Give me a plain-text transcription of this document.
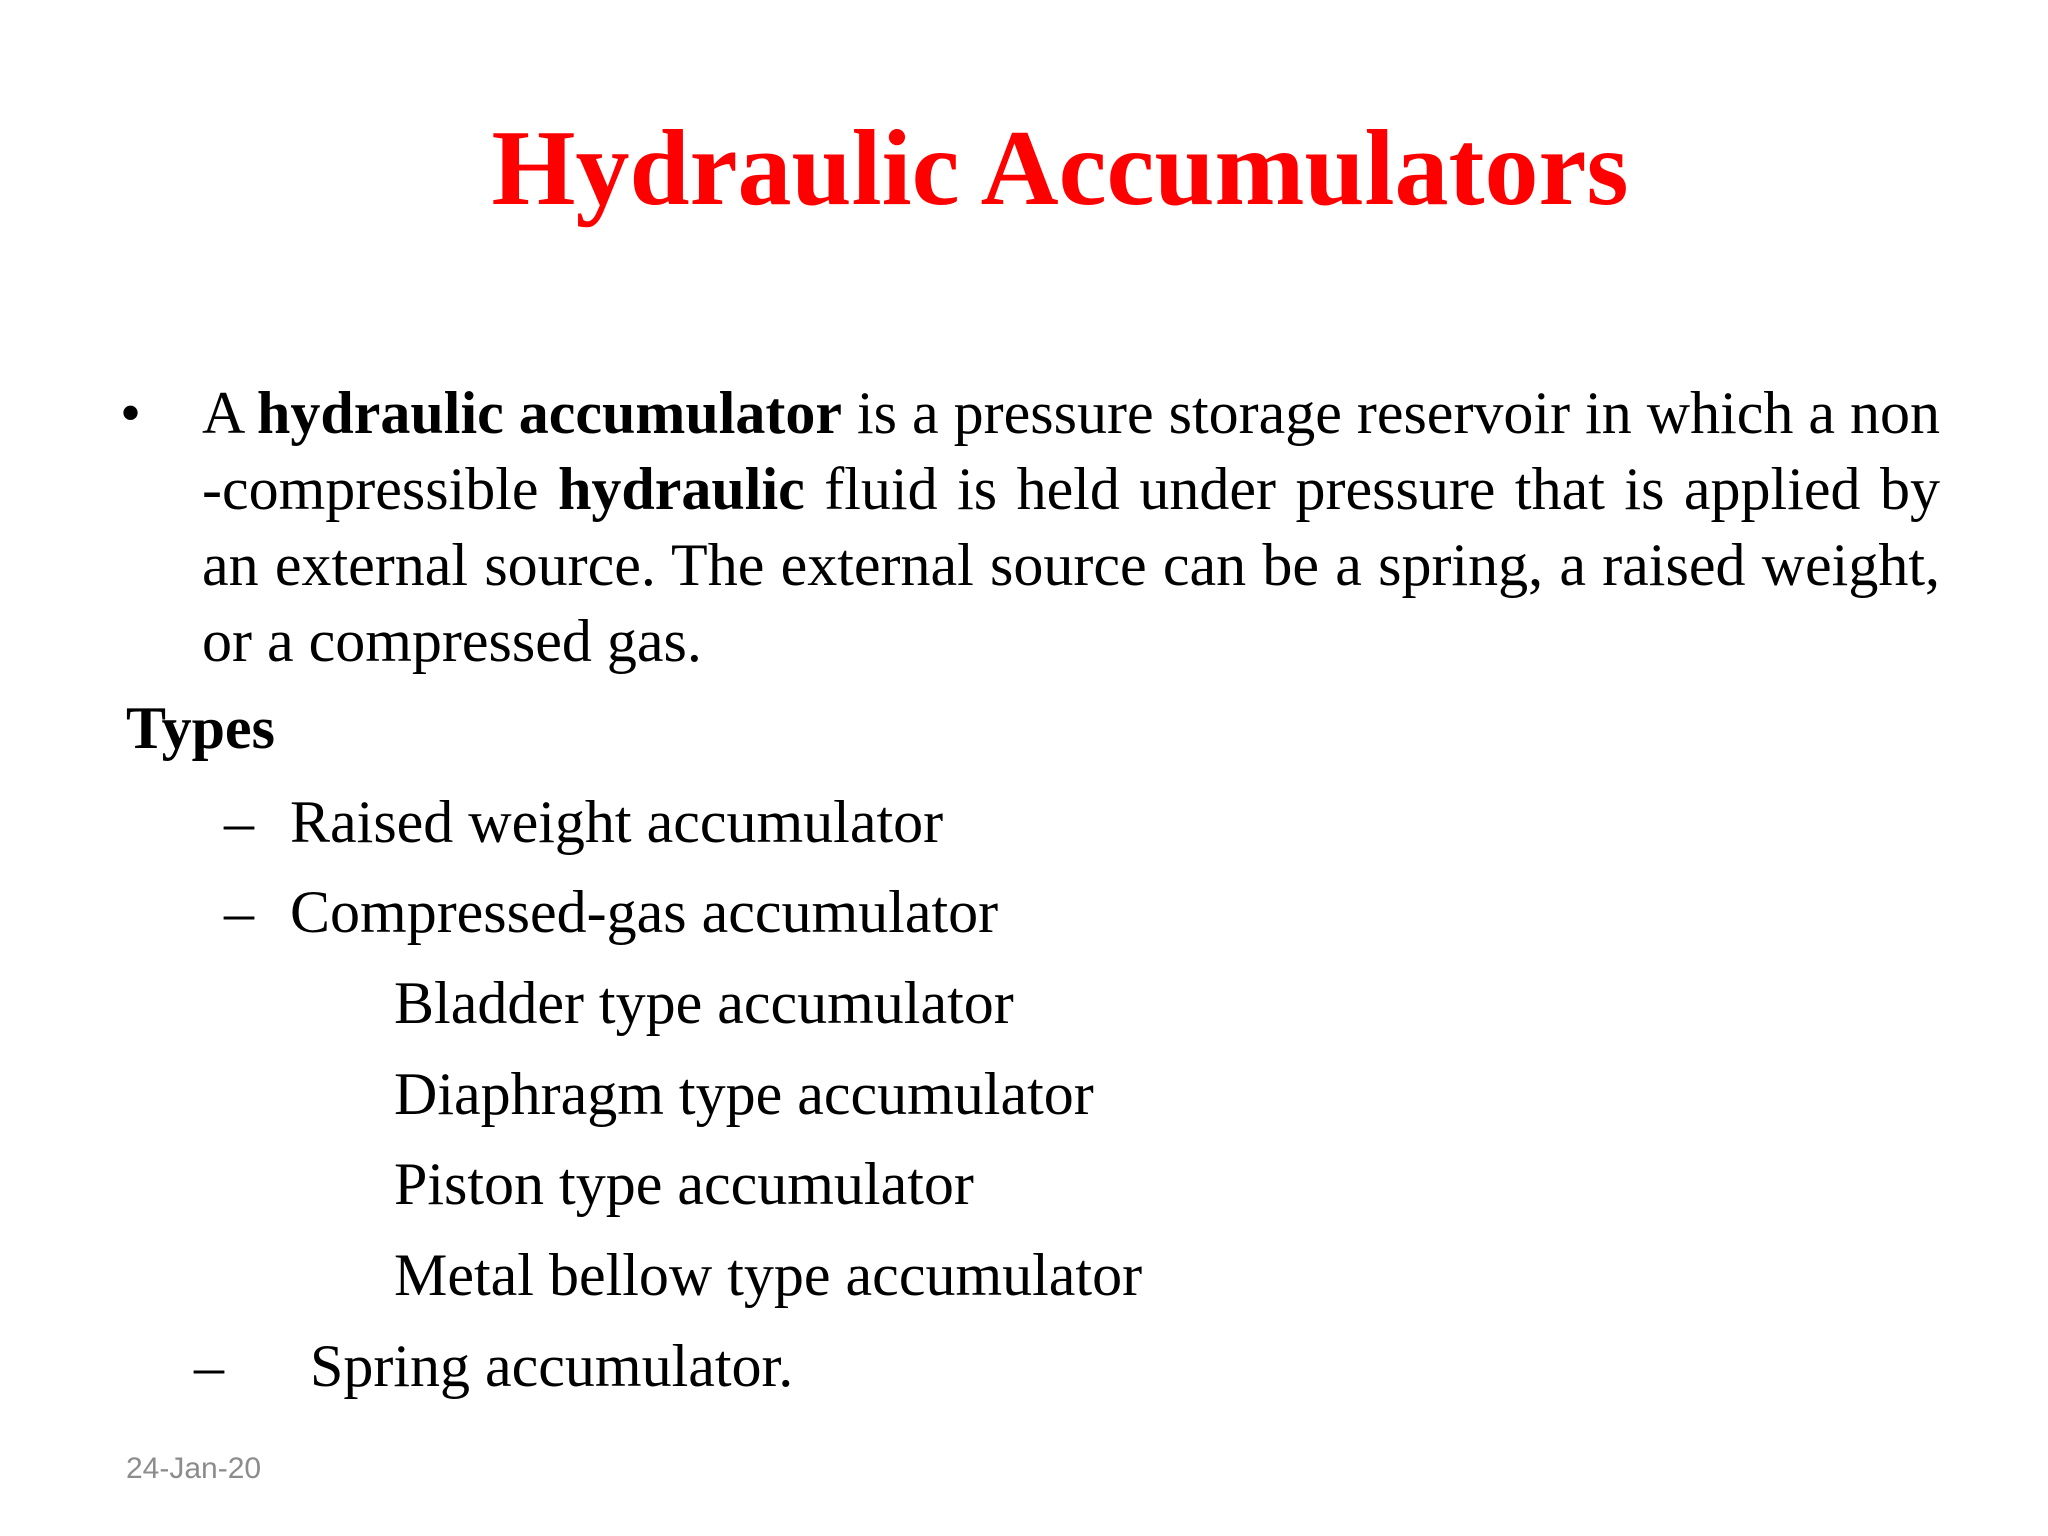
Hydraulic Accumulators
•	A hydraulic accumulator is a pressure storage reservoir in which a non -compressible hydraulic fluid is held under pressure that is applied by an external source. The external source can be a spring, a raised weight, or a compressed gas.
Types
– Raised weight accumulator
– Compressed-gas accumulator
Bladder type accumulator
Diaphragm type accumulator
Piston type accumulator
Metal bellow type accumulator
– Spring accumulator.
24-Jan-20
